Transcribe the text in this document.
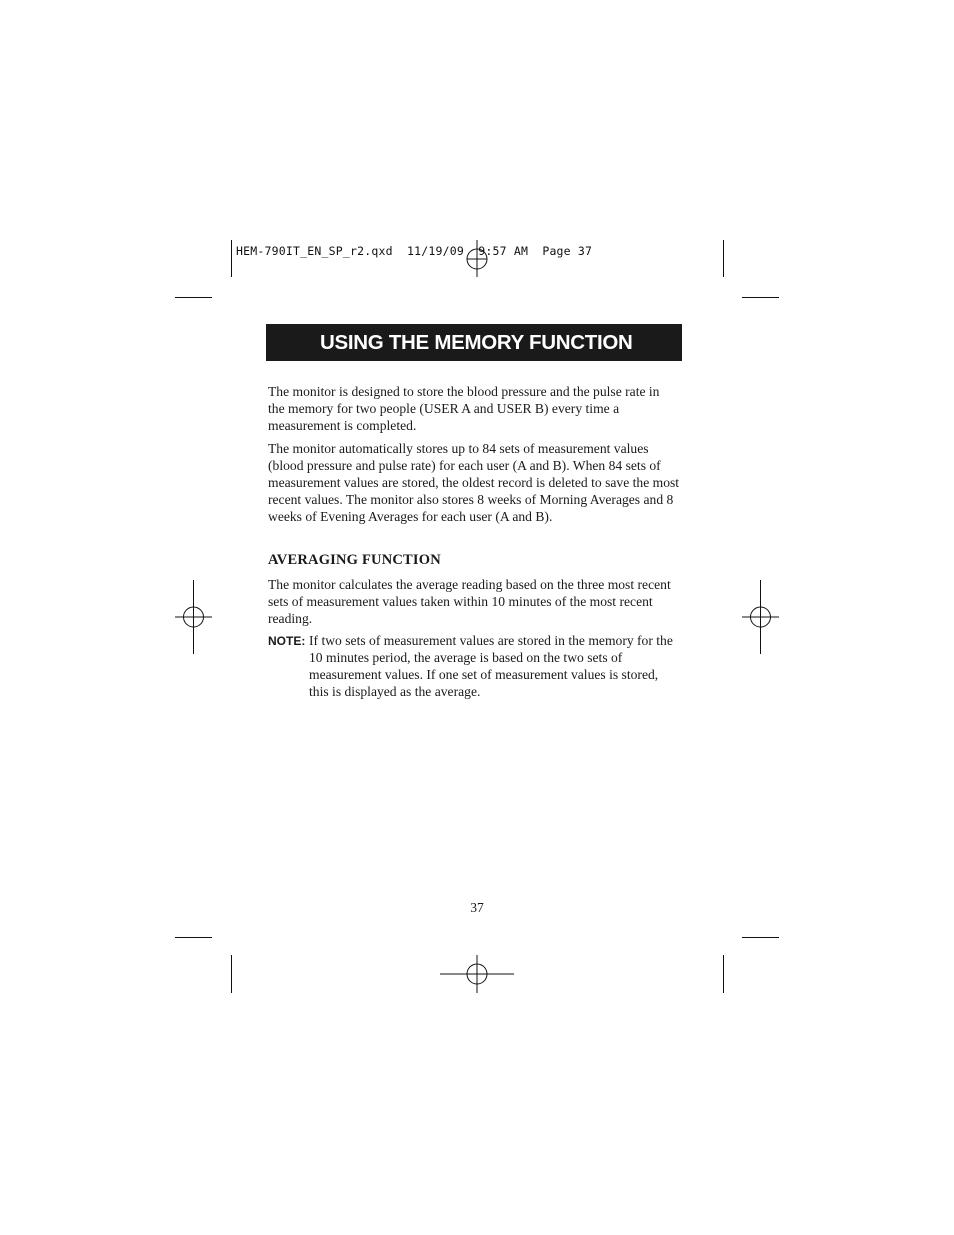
HEM-790IT_EN_SP_r2.qxd  11/19/09  9:57 AM  Page 37
USING THE MEMORY FUNCTION

The monitor is designed to store the blood pressure and the pulse rate in the memory for two people (USER A and USER B) every time a measurement is completed.

The monitor automatically stores up to 84 sets of measurement values (blood pressure and pulse rate) for each user (A and B). When 84 sets of measurement values are stored, the oldest record is deleted to save the most recent values. The monitor also stores 8 weeks of Morning Averages and 8 weeks of Evening Averages for each user (A and B).

AVERAGING FUNCTION

The monitor calculates the average reading based on the three most recent sets of measurement values taken within 10 minutes of the most recent reading.

NOTE: If two sets of measurement values are stored in the memory for the 10 minutes period, the average is based on the two sets of measurement values. If one set of measurement values is stored, this is displayed as the average.
37
